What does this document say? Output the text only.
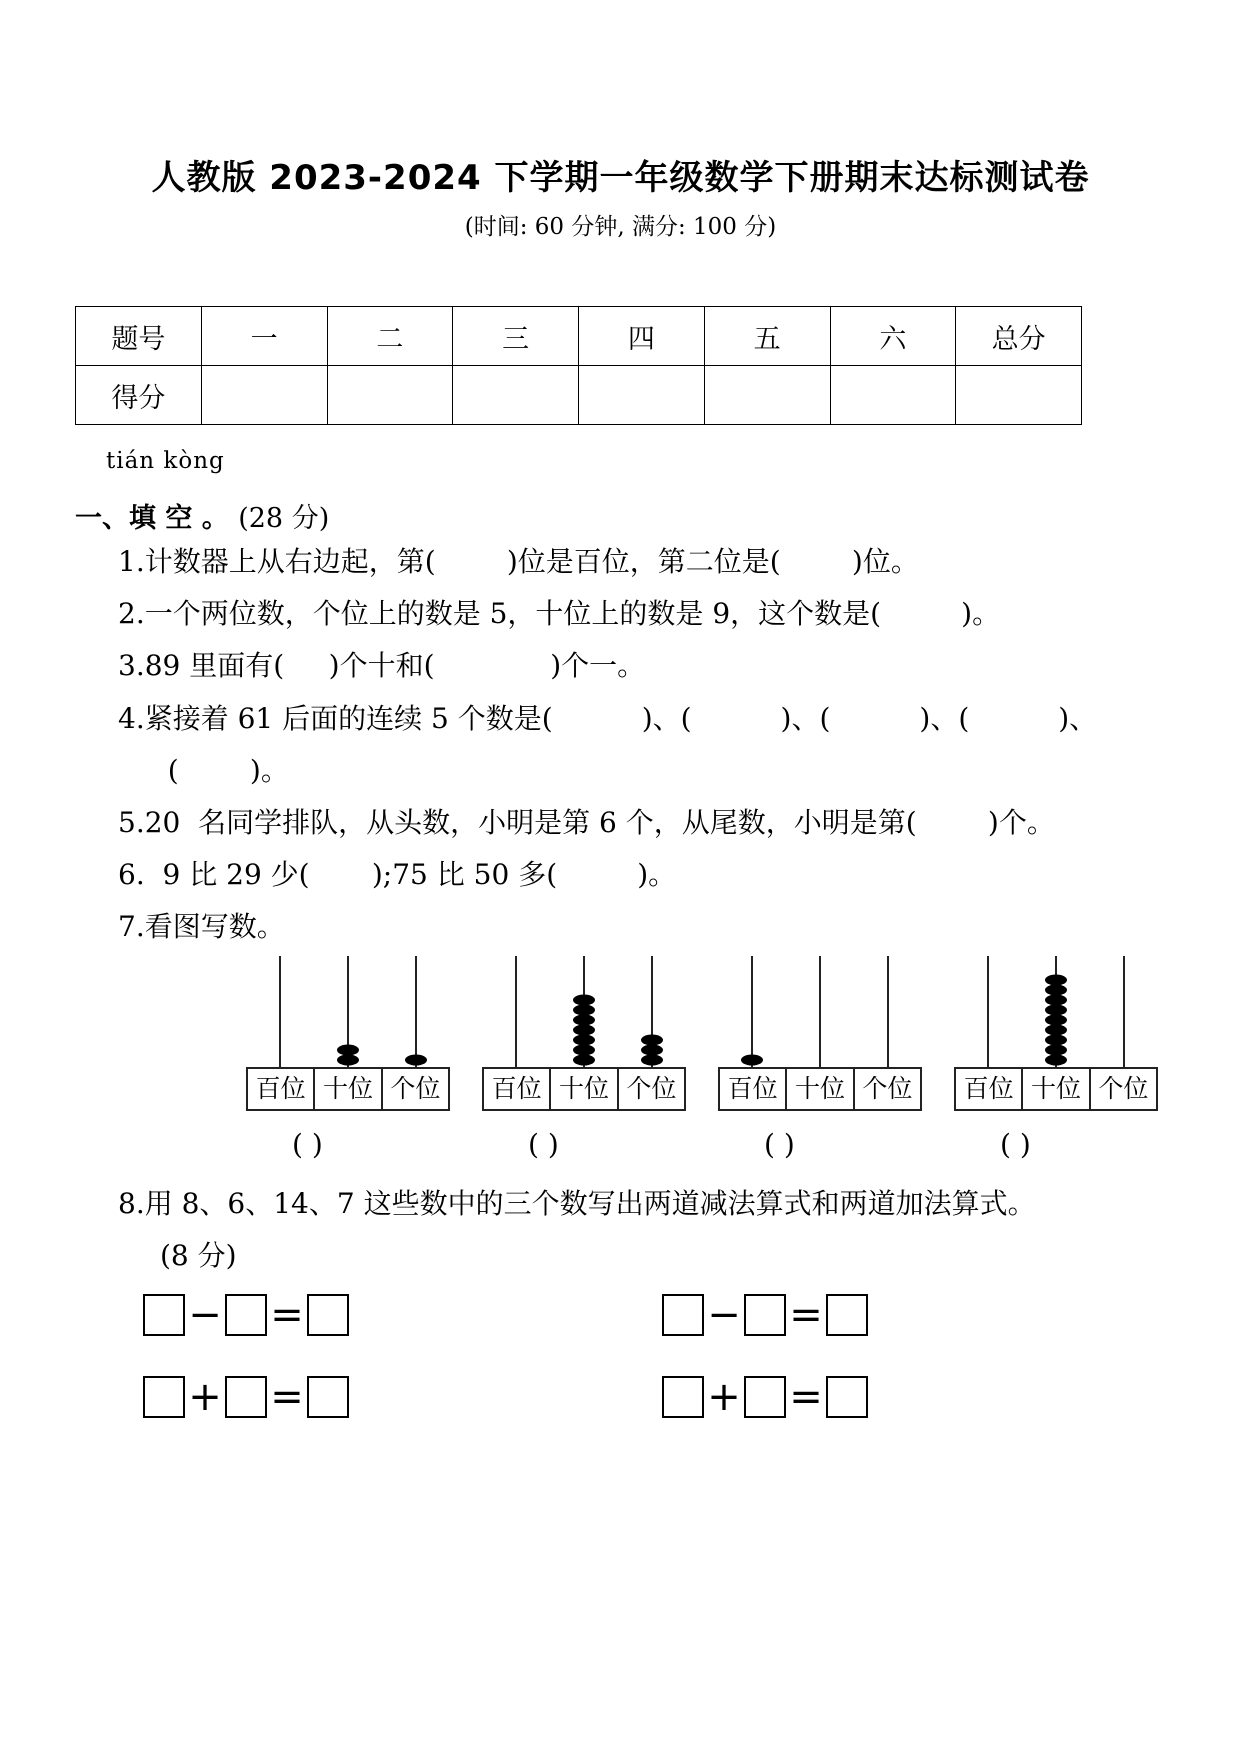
人教版 2023-2024 下学期一年级数学下册期末达标测试卷
(时间: 60 分钟, 满分: 100 分)
题号	一	二	三	四	五	六	总分
得分							
tián kòng
一、填 空 。 (28 分)
1.计数器上从右边起，第(        )位是百位，第二位是(        )位。
2.一个两位数，个位上的数是 5，十位上的数是 9，这个数是(         )。
3.89 里面有(     )个十和(             )个一。
4.紧接着 61 后面的连续 5 个数是(          )、(          )、(          )、(          )、
(        )。
5.20  名同学排队，从头数，小明是第 6 个，从尾数，小明是第(        )个。
6.  9 比 29 少(       );75 比 50 多(         )。
7.看图写数。
百位 十位 个位	百位 十位 个位	百位 十位 个位	百位 十位 个位
( )	( )	( )	( )
8.用 8、6、14、7 这些数中的三个数写出两道减法算式和两道加法算式。
(8 分)
− =	− =
+ =	+ =
